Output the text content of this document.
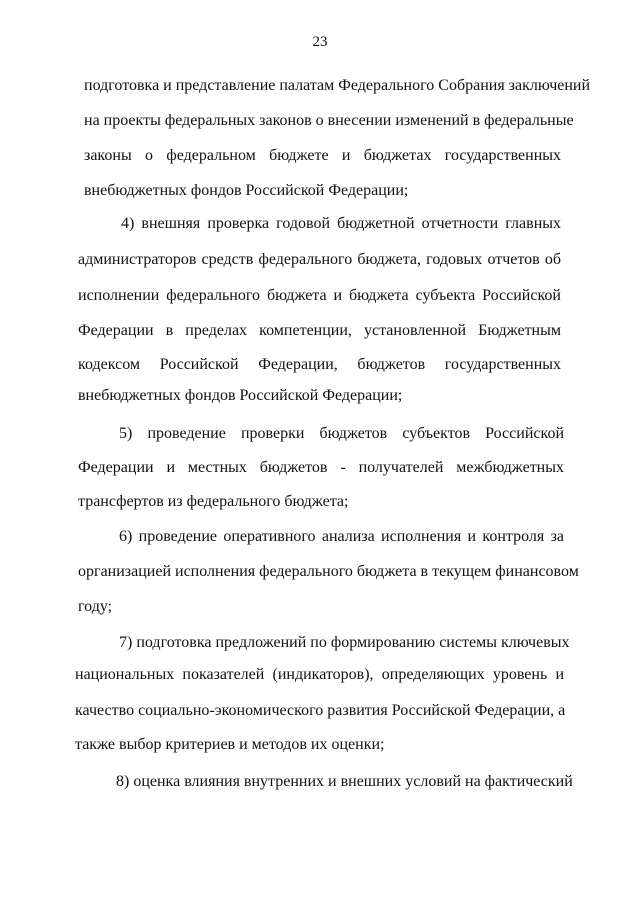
23
подготовка и представление палатам Федерального Собрания заключений
на проекты федеральных законов о внесении изменений в федеральные
законы о федеральном бюджете и бюджетах государственных
внебюджетных фондов Российской Федерации;
4) внешняя проверка годовой бюджетной отчетности главных
администраторов средств федерального бюджета, годовых отчетов об
исполнении федерального бюджета и бюджета субъекта Российской
Федерации в пределах компетенции, установленной Бюджетным
кодексом Российской Федерации, бюджетов государственных
внебюджетных фондов Российской Федерации;
5) проведение проверки бюджетов субъектов Российской
Федерации и местных бюджетов - получателей межбюджетных
трансфертов из федерального бюджета;
6) проведение оперативного анализа исполнения и контроля за
организацией исполнения федерального бюджета в текущем финансовом
году;
7) подготовка предложений по формированию системы ключевых
национальных показателей (индикаторов), определяющих уровень и
качество социально-экономического развития Российской Федерации, а
также выбор критериев и методов их оценки;
8) оценка влияния внутренних и внешних условий на фактический
